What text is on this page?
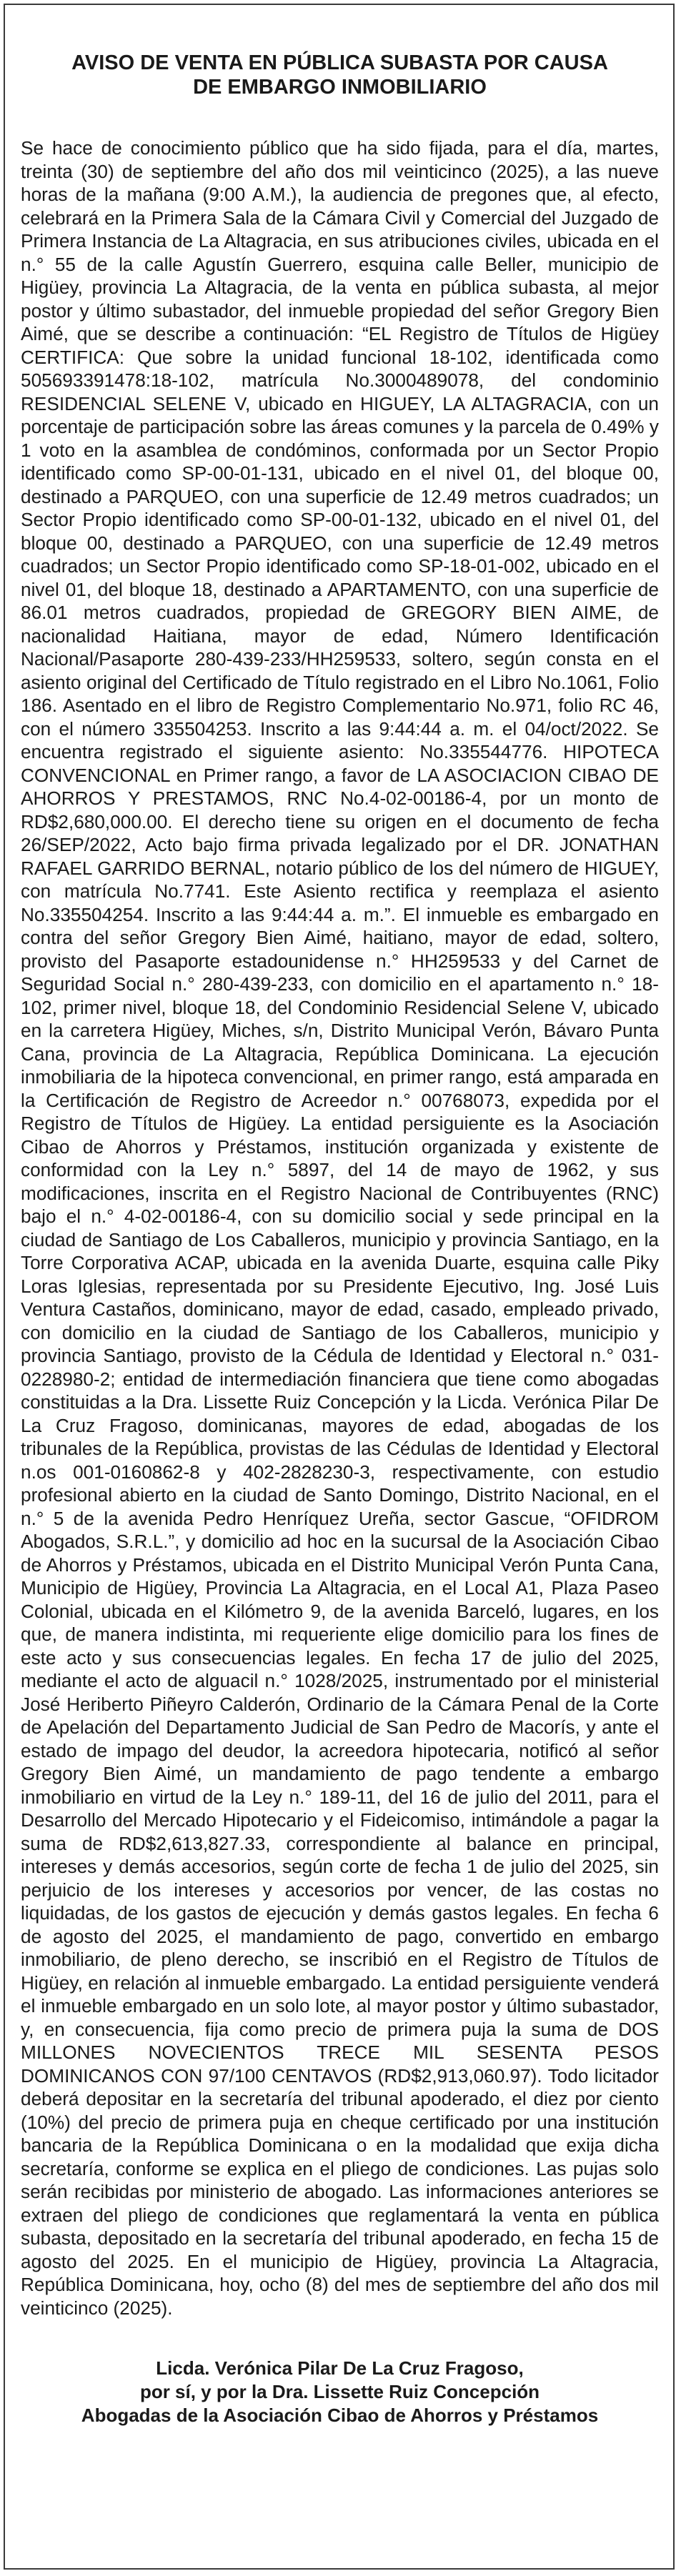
AVISO DE VENTA EN PÚBLICA SUBASTA POR CAUSA
DE EMBARGO INMOBILIARIO

Se hace de conocimiento público que ha sido fijada, para el día, martes, treinta (30) de septiembre del año dos mil veinticinco (2025), a las nueve horas de la mañana (9:00 A.M.), la audiencia de pregones que, al efecto, celebrará en la Primera Sala de la Cámara Civil y Comercial del Juzgado de Primera Instancia de La Altagracia, en sus atribuciones civiles, ubicada en el n.° 55 de la calle Agustín Guerrero, esquina calle Beller, municipio de Higüey, provincia La Altagracia, de la venta en pública subasta, al mejor postor y último subastador, del inmueble propiedad del señor Gregory Bien Aimé, que se describe a continuación: “EL Registro de Títulos de Higüey CERTIFICA: Que sobre la unidad funcional 18-102, identificada como 505693391478:18-102, matrícula No.3000489078, del condominio RESIDENCIAL SELENE V, ubicado en HIGUEY, LA ALTAGRACIA, con un porcentaje de participación sobre las áreas comunes y la parcela de 0.49% y 1 voto en la asamblea de condóminos, conformada por un Sector Propio identificado como SP-00-01-131, ubicado en el nivel 01, del bloque 00, destinado a PARQUEO, con una superficie de 12.49 metros cuadrados; un Sector Propio identificado como SP-00-01-132, ubicado en el nivel 01, del bloque 00, destinado a PARQUEO, con una superficie de 12.49 metros cuadrados; un Sector Propio identificado como SP-18-01-002, ubicado en el nivel 01, del bloque 18, destinado a APARTAMENTO, con una superficie de 86.01 metros cuadrados, propiedad de GREGORY BIEN AIME, de nacionalidad Haitiana, mayor de edad, Número Identificación Nacional/Pasaporte 280-439-233/HH259533, soltero, según consta en el asiento original del Certificado de Título registrado en el Libro No.1061, Folio 186. Asentado en el libro de Registro Complementario No.971, folio RC 46, con el número 335504253. Inscrito a las 9:44:44 a. m. el 04/oct/2022. Se encuentra registrado el siguiente asiento: No.335544776. HIPOTECA CONVENCIONAL en Primer rango, a favor de LA ASOCIACION CIBAO DE AHORROS Y PRESTAMOS, RNC No.4-02-00186-4, por un monto de RD$2,680,000.00. El derecho tiene su origen en el documento de fecha 26/SEP/2022, Acto bajo firma privada legalizado por el DR. JONATHAN RAFAEL GARRIDO BERNAL, notario público de los del número de HIGUEY, con matrícula No.7741. Este Asiento rectifica y reemplaza el asiento No.335504254. Inscrito a las 9:44:44 a. m.”. El inmueble es embargado en contra del señor Gregory Bien Aimé, haitiano, mayor de edad, soltero, provisto del Pasaporte estadounidense n.° HH259533 y del Carnet de Seguridad Social n.° 280-439-233, con domicilio en el apartamento n.° 18-102, primer nivel, bloque 18, del Condominio Residencial Selene V, ubicado en la carretera Higüey, Miches, s/n, Distrito Municipal Verón, Bávaro Punta Cana, provincia de La Altagracia, República Dominicana. La ejecución inmobiliaria de la hipoteca convencional, en primer rango, está amparada en la Certificación de Registro de Acreedor n.° 00768073, expedida por el Registro de Títulos de Higüey. La entidad persiguiente es la Asociación Cibao de Ahorros y Préstamos, institución organizada y existente de conformidad con la Ley n.° 5897, del 14 de mayo de 1962, y sus modificaciones, inscrita en el Registro Nacional de Contribuyentes (RNC) bajo el n.° 4-02-00186-4, con su domicilio social y sede principal en la ciudad de Santiago de Los Caballeros, municipio y provincia Santiago, en la Torre Corporativa ACAP, ubicada en la avenida Duarte, esquina calle Piky Loras Iglesias, representada por su Presidente Ejecutivo, Ing. José Luis Ventura Castaños, dominicano, mayor de edad, casado, empleado privado, con domicilio en la ciudad de Santiago de los Caballeros, municipio y provincia Santiago, provisto de la Cédula de Identidad y Electoral n.° 031-0228980-2; entidad de intermediación financiera que tiene como abogadas constituidas a la Dra. Lissette Ruiz Concepción y la Licda. Verónica Pilar De La Cruz Fragoso, dominicanas, mayores de edad, abogadas de los tribunales de la República, provistas de las Cédulas de Identidad y Electoral n.os 001-0160862-8 y 402-2828230-3, respectivamente, con estudio profesional abierto en la ciudad de Santo Domingo, Distrito Nacional, en el n.° 5 de la avenida Pedro Henríquez Ureña, sector Gascue, “OFIDROM Abogados, S.R.L.”, y domicilio ad hoc en la sucursal de la Asociación Cibao de Ahorros y Préstamos, ubicada en el Distrito Municipal Verón Punta Cana, Municipio de Higüey, Provincia La Altagracia, en el Local A1, Plaza Paseo Colonial, ubicada en el Kilómetro 9, de la avenida Barceló, lugares, en los que, de manera indistinta, mi requeriente elige domicilio para los fines de este acto y sus consecuencias legales. En fecha 17 de julio del 2025, mediante el acto de alguacil n.° 1028/2025, instrumentado por el ministerial José Heriberto Piñeyro Calderón, Ordinario de la Cámara Penal de la Corte de Apelación del Departamento Judicial de San Pedro de Macorís, y ante el estado de impago del deudor, la acreedora hipotecaria, notificó al señor Gregory Bien Aimé, un mandamiento de pago tendente a embargo inmobiliario en virtud de la Ley n.° 189-11, del 16 de julio del 2011, para el Desarrollo del Mercado Hipotecario y el Fideicomiso, intimándole a pagar la suma de RD$2,613,827.33, correspondiente al balance en principal, intereses y demás accesorios, según corte de fecha 1 de julio del 2025, sin perjuicio de los intereses y accesorios por vencer, de las costas no liquidadas, de los gastos de ejecución y demás gastos legales. En fecha 6 de agosto del 2025, el mandamiento de pago, convertido en embargo inmobiliario, de pleno derecho, se inscribió en el Registro de Títulos de Higüey, en relación al inmueble embargado. La entidad persiguiente venderá el inmueble embargado en un solo lote, al mayor postor y último subastador, y, en consecuencia, fija como precio de primera puja la suma de DOS MILLONES NOVECIENTOS TRECE MIL SESENTA PESOS DOMINICANOS CON 97/100 CENTAVOS (RD$2,913,060.97). Todo licitador deberá depositar en la secretaría del tribunal apoderado, el diez por ciento (10%) del precio de primera puja en cheque certificado por una institución bancaria de la República Dominicana o en la modalidad que exija dicha secretaría, conforme se explica en el pliego de condiciones. Las pujas solo serán recibidas por ministerio de abogado. Las informaciones anteriores se extraen del pliego de condiciones que reglamentará la venta en pública subasta, depositado en la secretaría del tribunal apoderado, en fecha 15 de agosto del 2025. En el municipio de Higüey, provincia La Altagracia, República Dominicana, hoy, ocho (8) del mes de septiembre del año dos mil veinticinco (2025).

Licda. Verónica Pilar De La Cruz Fragoso,
por sí, y por la Dra. Lissette Ruiz Concepción
Abogadas de la Asociación Cibao de Ahorros y Préstamos
